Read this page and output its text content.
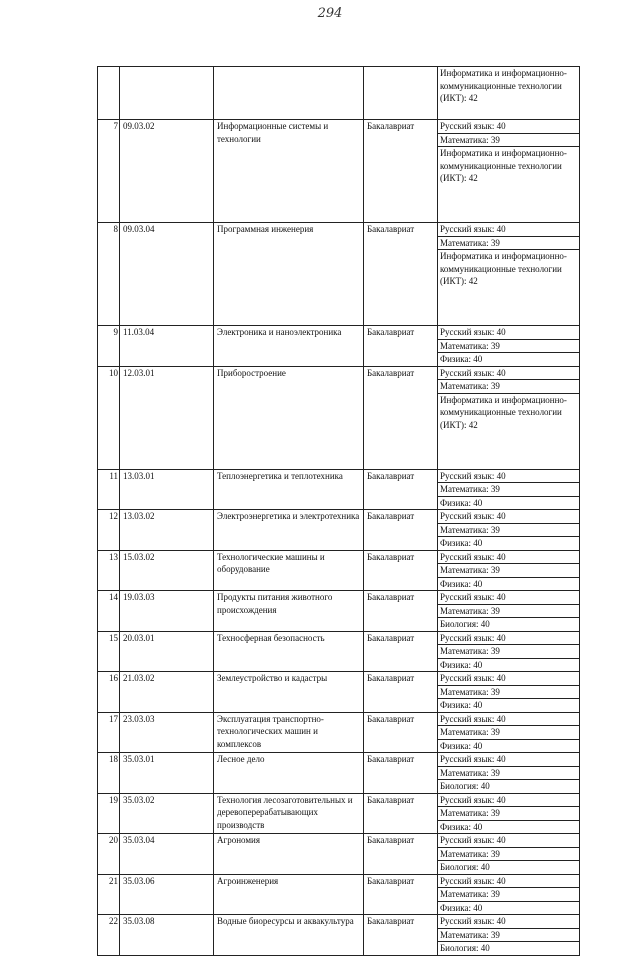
294
				Информатика и информационно-коммуникационные технологии (ИКТ): 42
7	09.03.02	Информационные системы и технологии	Бакалавриат	Русский язык: 40
				Математика: 39
				Информатика и информационно-коммуникационные технологии (ИКТ): 42
8	09.03.04	Программная инженерия	Бакалавриат	Русский язык: 40
				Математика: 39
				Информатика и информационно-коммуникационные технологии (ИКТ): 42
9	11.03.04	Электроника и наноэлектроника	Бакалавриат	Русский язык: 40
				Математика: 39
				Физика: 40
10	12.03.01	Приборостроение	Бакалавриат	Русский язык: 40
				Математика: 39
				Информатика и информационно-коммуникационные технологии (ИКТ): 42
11	13.03.01	Теплоэнергетика и теплотехника	Бакалавриат	Русский язык: 40
				Математика: 39
				Физика: 40
12	13.03.02	Электроэнергетика и электротехника	Бакалавриат	Русский язык: 40
				Математика: 39
				Физика: 40
13	15.03.02	Технологические машины и оборудование	Бакалавриат	Русский язык: 40
				Математика: 39
				Физика: 40
14	19.03.03	Продукты питания животного происхождения	Бакалавриат	Русский язык: 40
				Математика: 39
				Биология: 40
15	20.03.01	Техносферная безопасность	Бакалавриат	Русский язык: 40
				Математика: 39
				Физика: 40
16	21.03.02	Землеустройство и кадастры	Бакалавриат	Русский язык: 40
				Математика: 39
				Физика: 40
17	23.03.03	Эксплуатация транспортно-технологических машин и комплексов	Бакалавриат	Русский язык: 40
				Математика: 39
				Физика: 40
18	35.03.01	Лесное дело	Бакалавриат	Русский язык: 40
				Математика: 39
				Биология: 40
19	35.03.02	Технология лесозаготовительных и деревоперерабатывающих производств	Бакалавриат	Русский язык: 40
				Математика: 39
				Физика: 40
20	35.03.04	Агрономия	Бакалавриат	Русский язык: 40
				Математика: 39
				Биология: 40
21	35.03.06	Агроинженерия	Бакалавриат	Русский язык: 40
				Математика: 39
				Физика: 40
22	35.03.08	Водные биоресурсы и аквакультура	Бакалавриат	Русский язык: 40
				Математика: 39
				Биология: 40
